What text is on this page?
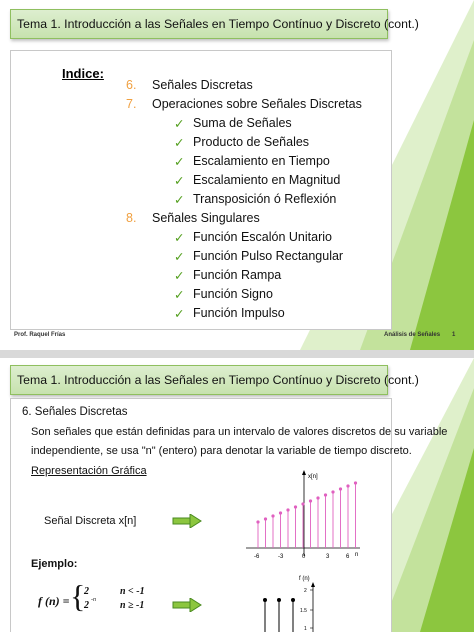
Tema 1. Introducción a las Señales en Tiempo Contínuo y Discreto (cont.)
Indice:
6. Señales Discretas
7. Operaciones sobre Señales Discretas
✓ Suma de Señales
✓ Producto de Señales
✓ Escalamiento en Tiempo
✓ Escalamiento en Magnitud
✓ Transposición ó Reflexión
8. Señales Singulares
✓ Función Escalón Unitario
✓ Función Pulso Rectangular
✓ Función Rampa
✓ Función Signo
✓ Función Impulso
Prof. Raquel Frías	Análisis de Señales 1
Tema 1. Introducción a las Señales en Tiempo Contínuo y Discreto (cont.)
6. Señales Discretas
Son señales que están definidas para un intervalo de valores discretos de su variable
independiente, se usa "n" (entero) para denotar la variable de tiempo discreto.
Representación Gráfica
Señal Discreta x[n]
Ejemplo:
f (n) = {
2	n < -1
2 -n n ≥ -1
x[n]
n
-6	-3	0	3	6
f (n)
2
1.5
1
